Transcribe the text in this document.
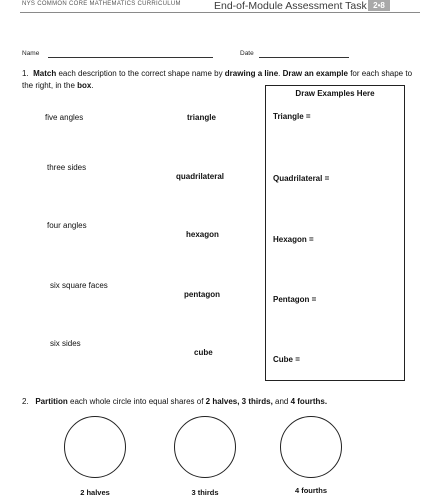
NYS COMMON CORE MATHEMATICS CURRICULUM	End-of-Module Assessment Task 2•8
Name	Date
1. Match each description to the correct shape name by drawing a line. Draw an example for each shape to the right, in the box.
five angles
three sides
four angles
six square faces
six sides
triangle
quadrilateral
hexagon
pentagon
cube
Draw Examples Here
Triangle =
Quadrilateral =
Hexagon =
Pentagon =
Cube =
2. Partition each whole circle into equal shares of 2 halves, 3 thirds, and 4 fourths.
2 halves	3 thirds	4 fourths
